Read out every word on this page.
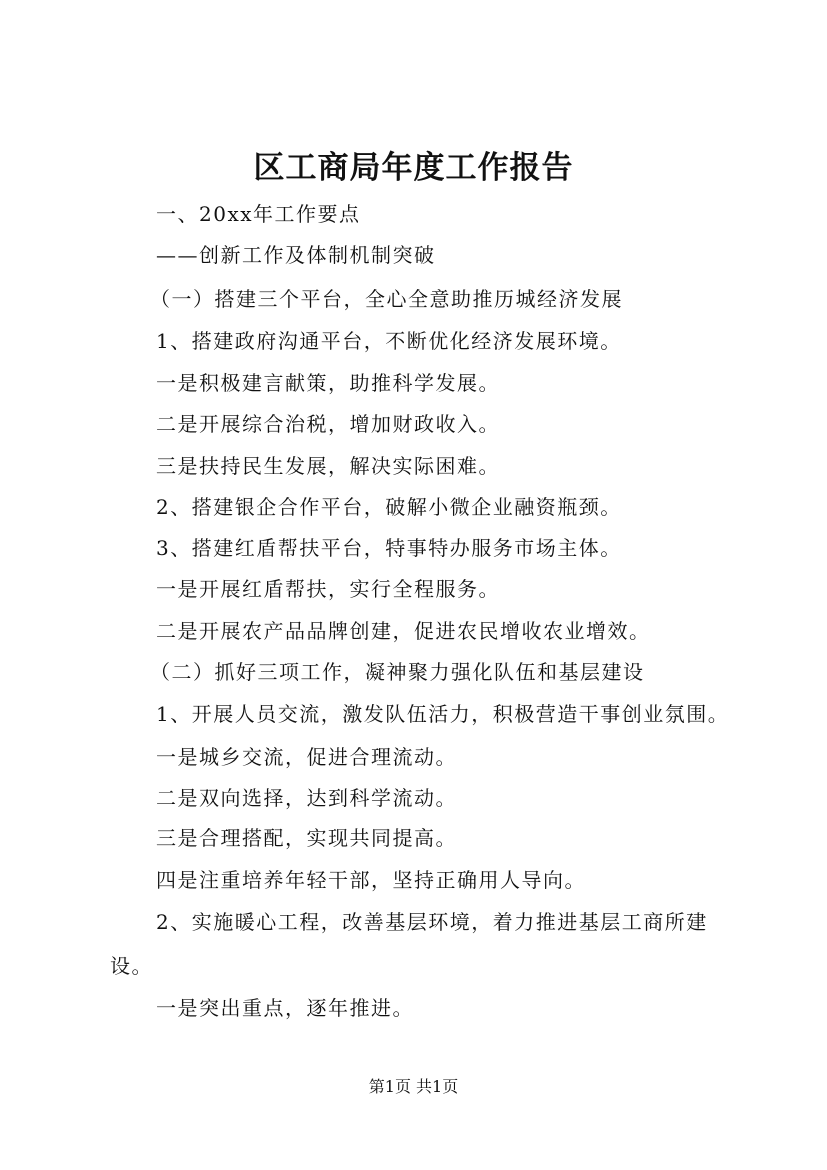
区工商局年度工作报告

一、20xx年工作要点

——创新工作及体制机制突破

（一）搭建三个平台，全心全意助推历城经济发展

1、搭建政府沟通平台，不断优化经济发展环境。

一是积极建言献策，助推科学发展。

二是开展综合治税，增加财政收入。

三是扶持民生发展，解决实际困难。

2、搭建银企合作平台，破解小微企业融资瓶颈。

3、搭建红盾帮扶平台，特事特办服务市场主体。

一是开展红盾帮扶，实行全程服务。

二是开展农产品品牌创建，促进农民增收农业增效。

（二）抓好三项工作，凝神聚力强化队伍和基层建设

1、开展人员交流，激发队伍活力，积极营造干事创业氛围。

一是城乡交流，促进合理流动。

二是双向选择，达到科学流动。

三是合理搭配，实现共同提高。

四是注重培养年轻干部，坚持正确用人导向。

2、实施暖心工程，改善基层环境，着力推进基层工商所建

设。

一是突出重点，逐年推进。

第1页 共1页
